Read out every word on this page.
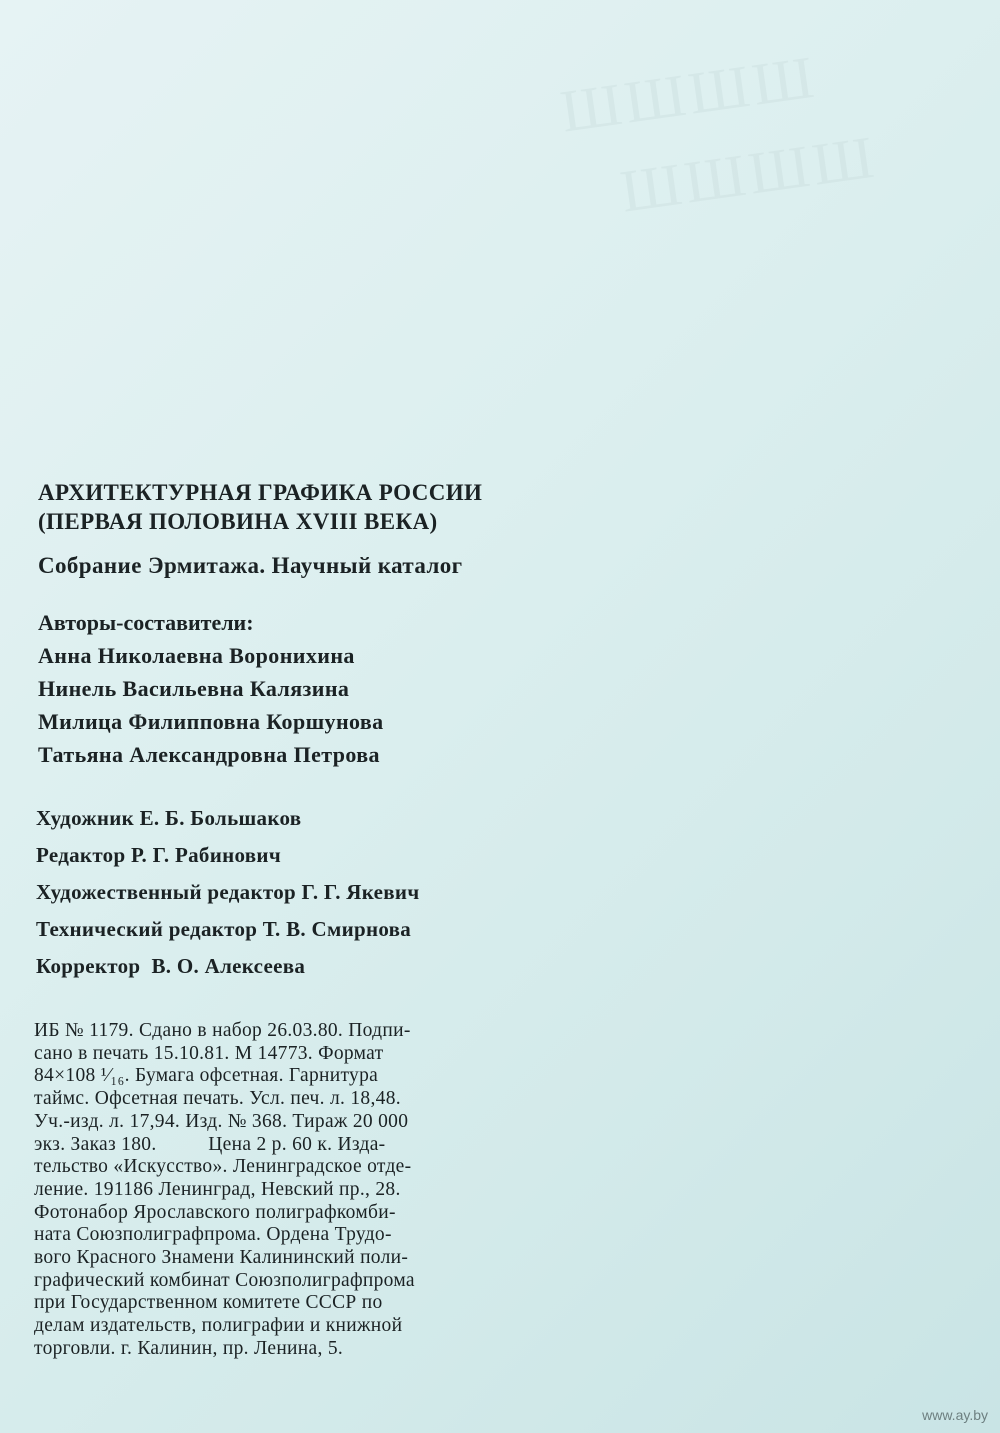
ШШШШ
ШШШШ
АРХИТЕКТУРНАЯ ГРАФИКА РОССИИ
(ПЕРВАЯ ПОЛОВИНА XVIII ВЕКА)
Собрание Эрмитажа. Научный каталог
Авторы-составители:
Анна Николаевна Воронихина
Нинель Васильевна Калязина
Милица Филипповна Коршунова
Татьяна Александровна Петрова
Художник Е. Б. Большаков
Редактор Р. Г. Рабинович
Художественный редактор Г. Г. Якевич
Технический редактор Т. В. Смирнова
Корректор  В. О. Алексеева
ИБ № 1179. Сдано в набор 26.03.80. Подпи-
сано в печать 15.10.81. М 14773. Формат
84×108 ¹⁄₁₆. Бумага офсетная. Гарнитура
таймс. Офсетная печать. Усл. печ. л. 18,48.
Уч.-изд. л. 17,94. Изд. № 368. Тираж 20 000
экз. Заказ 180.          Цена 2 р. 60 к. Изда-
тельство «Искусство». Ленинградское отде-
ление. 191186 Ленинград, Невский пр., 28.
Фотонабор Ярославского полиграфкомби-
ната Союзполиграфпрома. Ордена Трудо-
вого Красного Знамени Калининский поли-
графический комбинат Союзполиграфпрома
при Государственном комитете СССР по
делам издательств, полиграфии и книжной
торговли. г. Калинин, пр. Ленина, 5.
www.ay.by
